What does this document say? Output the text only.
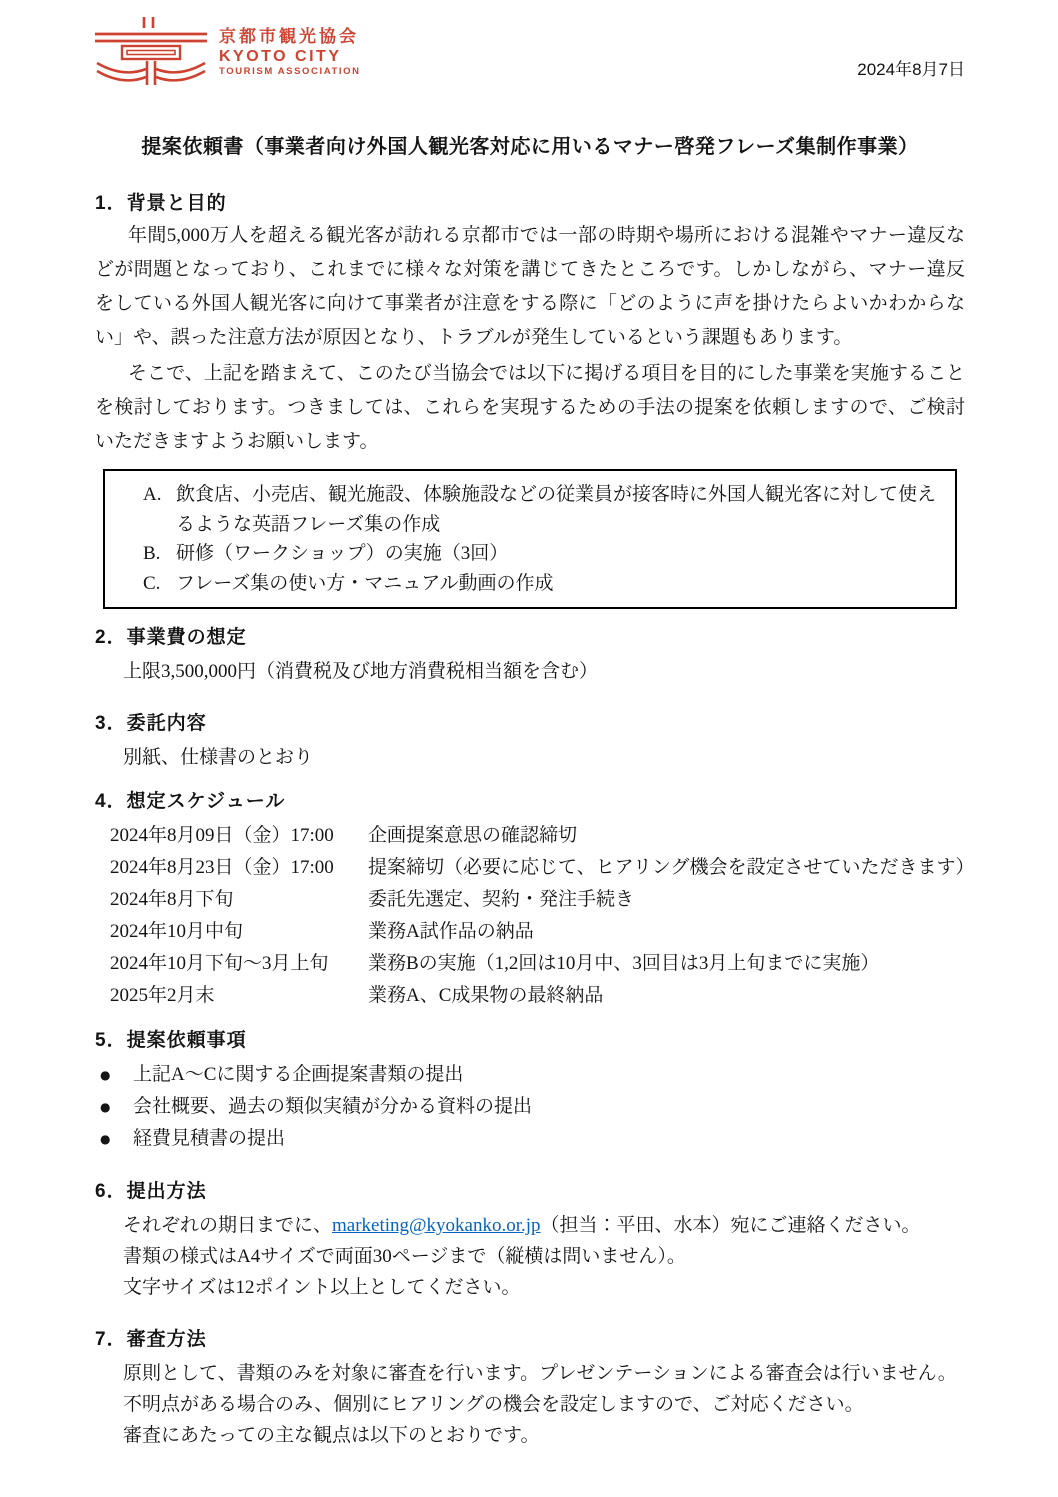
京都市観光協会
KYOTO CITY
TOURISM ASSOCIATION	2024年8月7日
提案依頼書（事業者向け外国人観光客対応に用いるマナー啓発フレーズ集制作事業）
1．背景と目的

年間5,000万人を超える観光客が訪れる京都市では一部の時期や場所における混雑やマナー違反などが問題となっており、これまでに様々な対策を講じてきたところです。しかしながら、マナー違反をしている外国人観光客に向けて事業者が注意をする際に「どのように声を掛けたらよいかわからない」や、誤った注意方法が原因となり、トラブルが発生しているという課題もあります。

そこで、上記を踏まえて、このたび当協会では以下に掲げる項目を目的にした事業を実施することを検討しております。つきましては、これらを実現するための手法の提案を依頼しますので、ご検討いただきますようお願いします。

A. 飲食店、小売店、観光施設、体験施設などの従業員が接客時に外国人観光客に対して使えるような英語フレーズ集の作成
B. 研修（ワークショップ）の実施（3回）
C. フレーズ集の使い方・マニュアル動画の作成
2．事業費の想定
上限3,500,000円（消費税及び地方消費税相当額を含む）
3．委託内容
別紙、仕様書のとおり
4．想定スケジュール
2024年8月09日（金）17:00	企画提案意思の確認締切
2024年8月23日（金）17:00	提案締切（必要に応じて、ヒアリング機会を設定させていただきます）
2024年8月下旬	委託先選定、契約・発注手続き
2024年10月中旬	業務A試作品の納品
2024年10月下旬～3月上旬	業務Bの実施（1,2回は10月中、3回目は3月上旬までに実施）
2025年2月末	業務A、C成果物の最終納品
5．提案依頼事項
●	上記A～Cに関する企画提案書類の提出
●	会社概要、過去の類似実績が分かる資料の提出
●	経費見積書の提出
6．提出方法
それぞれの期日までに、marketing@kyokanko.or.jp（担当：平田、水本）宛にご連絡ください。
書類の様式はA4サイズで両面30ページまで（縦横は問いません）。
文字サイズは12ポイント以上としてください。
7．審査方法
原則として、書類のみを対象に審査を行います。プレゼンテーションによる審査会は行いません。
不明点がある場合のみ、個別にヒアリングの機会を設定しますので、ご対応ください。
審査にあたっての主な観点は以下のとおりです。
